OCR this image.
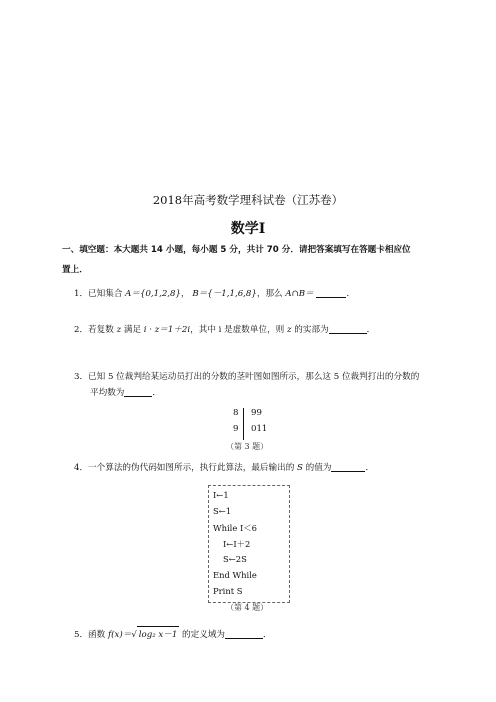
2018年高考数学理科试卷（江苏卷）
数学Ⅰ
一、填空题：本大题共 14 小题，每小题 5 分，共计 70 分．请把答案填写在答题卡相应位
置上．
1．已知集合 A＝{0,1,2,8}， B＝{－1,1,6,8}，那么 A∩B＝	．
2．若复数 z 满足 i · z＝1＋2i，其中 i 是虚数单位，则 z 的实部为	．
3．已知 5 位裁判给某运动员打出的分数的茎叶图如图所示，那么这 5 位裁判打出的分数的
平均数为	．
8 99
9 011
（第 3 题）
4．一个算法的伪代码如图所示，执行此算法，最后输出的 S 的值为	．
I←1
S←1
While I＜6
I←I＋2
S←2S
End While
Print S
（第 4 题）
5．函数 f(x)＝√ log₂ x－1 的定义域为	．
